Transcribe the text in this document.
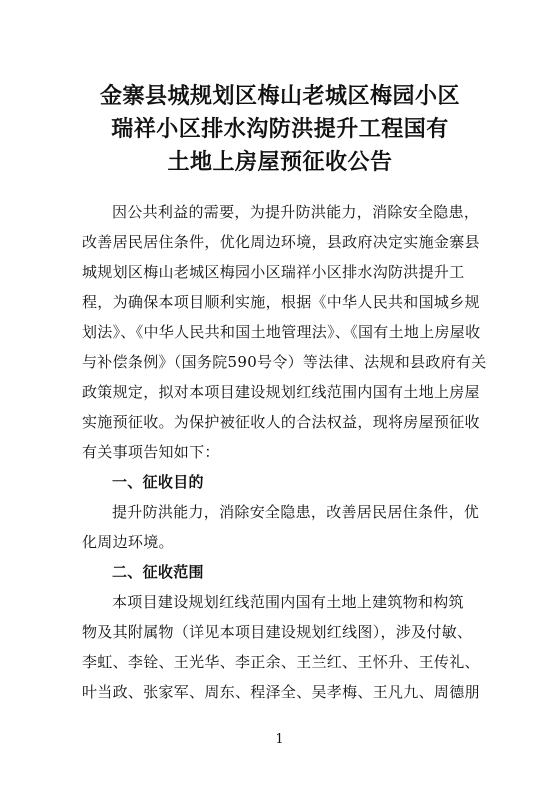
金寨县城规划区梅山老城区梅园小区
瑞祥小区排水沟防洪提升工程国有
土地上房屋预征收公告
因公共利益的需要，为提升防洪能力，消除安全隐患，
改善居民居住条件，优化周边环境，县政府决定实施金寨县
城规划区梅山老城区梅园小区瑞祥小区排水沟防洪提升工
程，为确保本项目顺利实施，根据《中华人民共和国城乡规
划法》、《中华人民共和国土地管理法》、《国有土地上房屋收
与补偿条例》（国务院590号令）等法律、法规和县政府有关
政策规定，拟对本项目建设规划红线范围内国有土地上房屋
实施预征收。为保护被征收人的合法权益，现将房屋预征收
有关事项告知如下：
一、征收目的
提升防洪能力，消除安全隐患，改善居民居住条件，优
化周边环境。
二、征收范围
本项目建设规划红线范围内国有土地上建筑物和构筑
物及其附属物（详见本项目建设规划红线图），涉及付敏、
李虹、李铨、王光华、李正余、王兰红、王怀升、王传礼、
叶当政、张家军、周东、程泽全、吴孝梅、王凡九、周德朋
1
